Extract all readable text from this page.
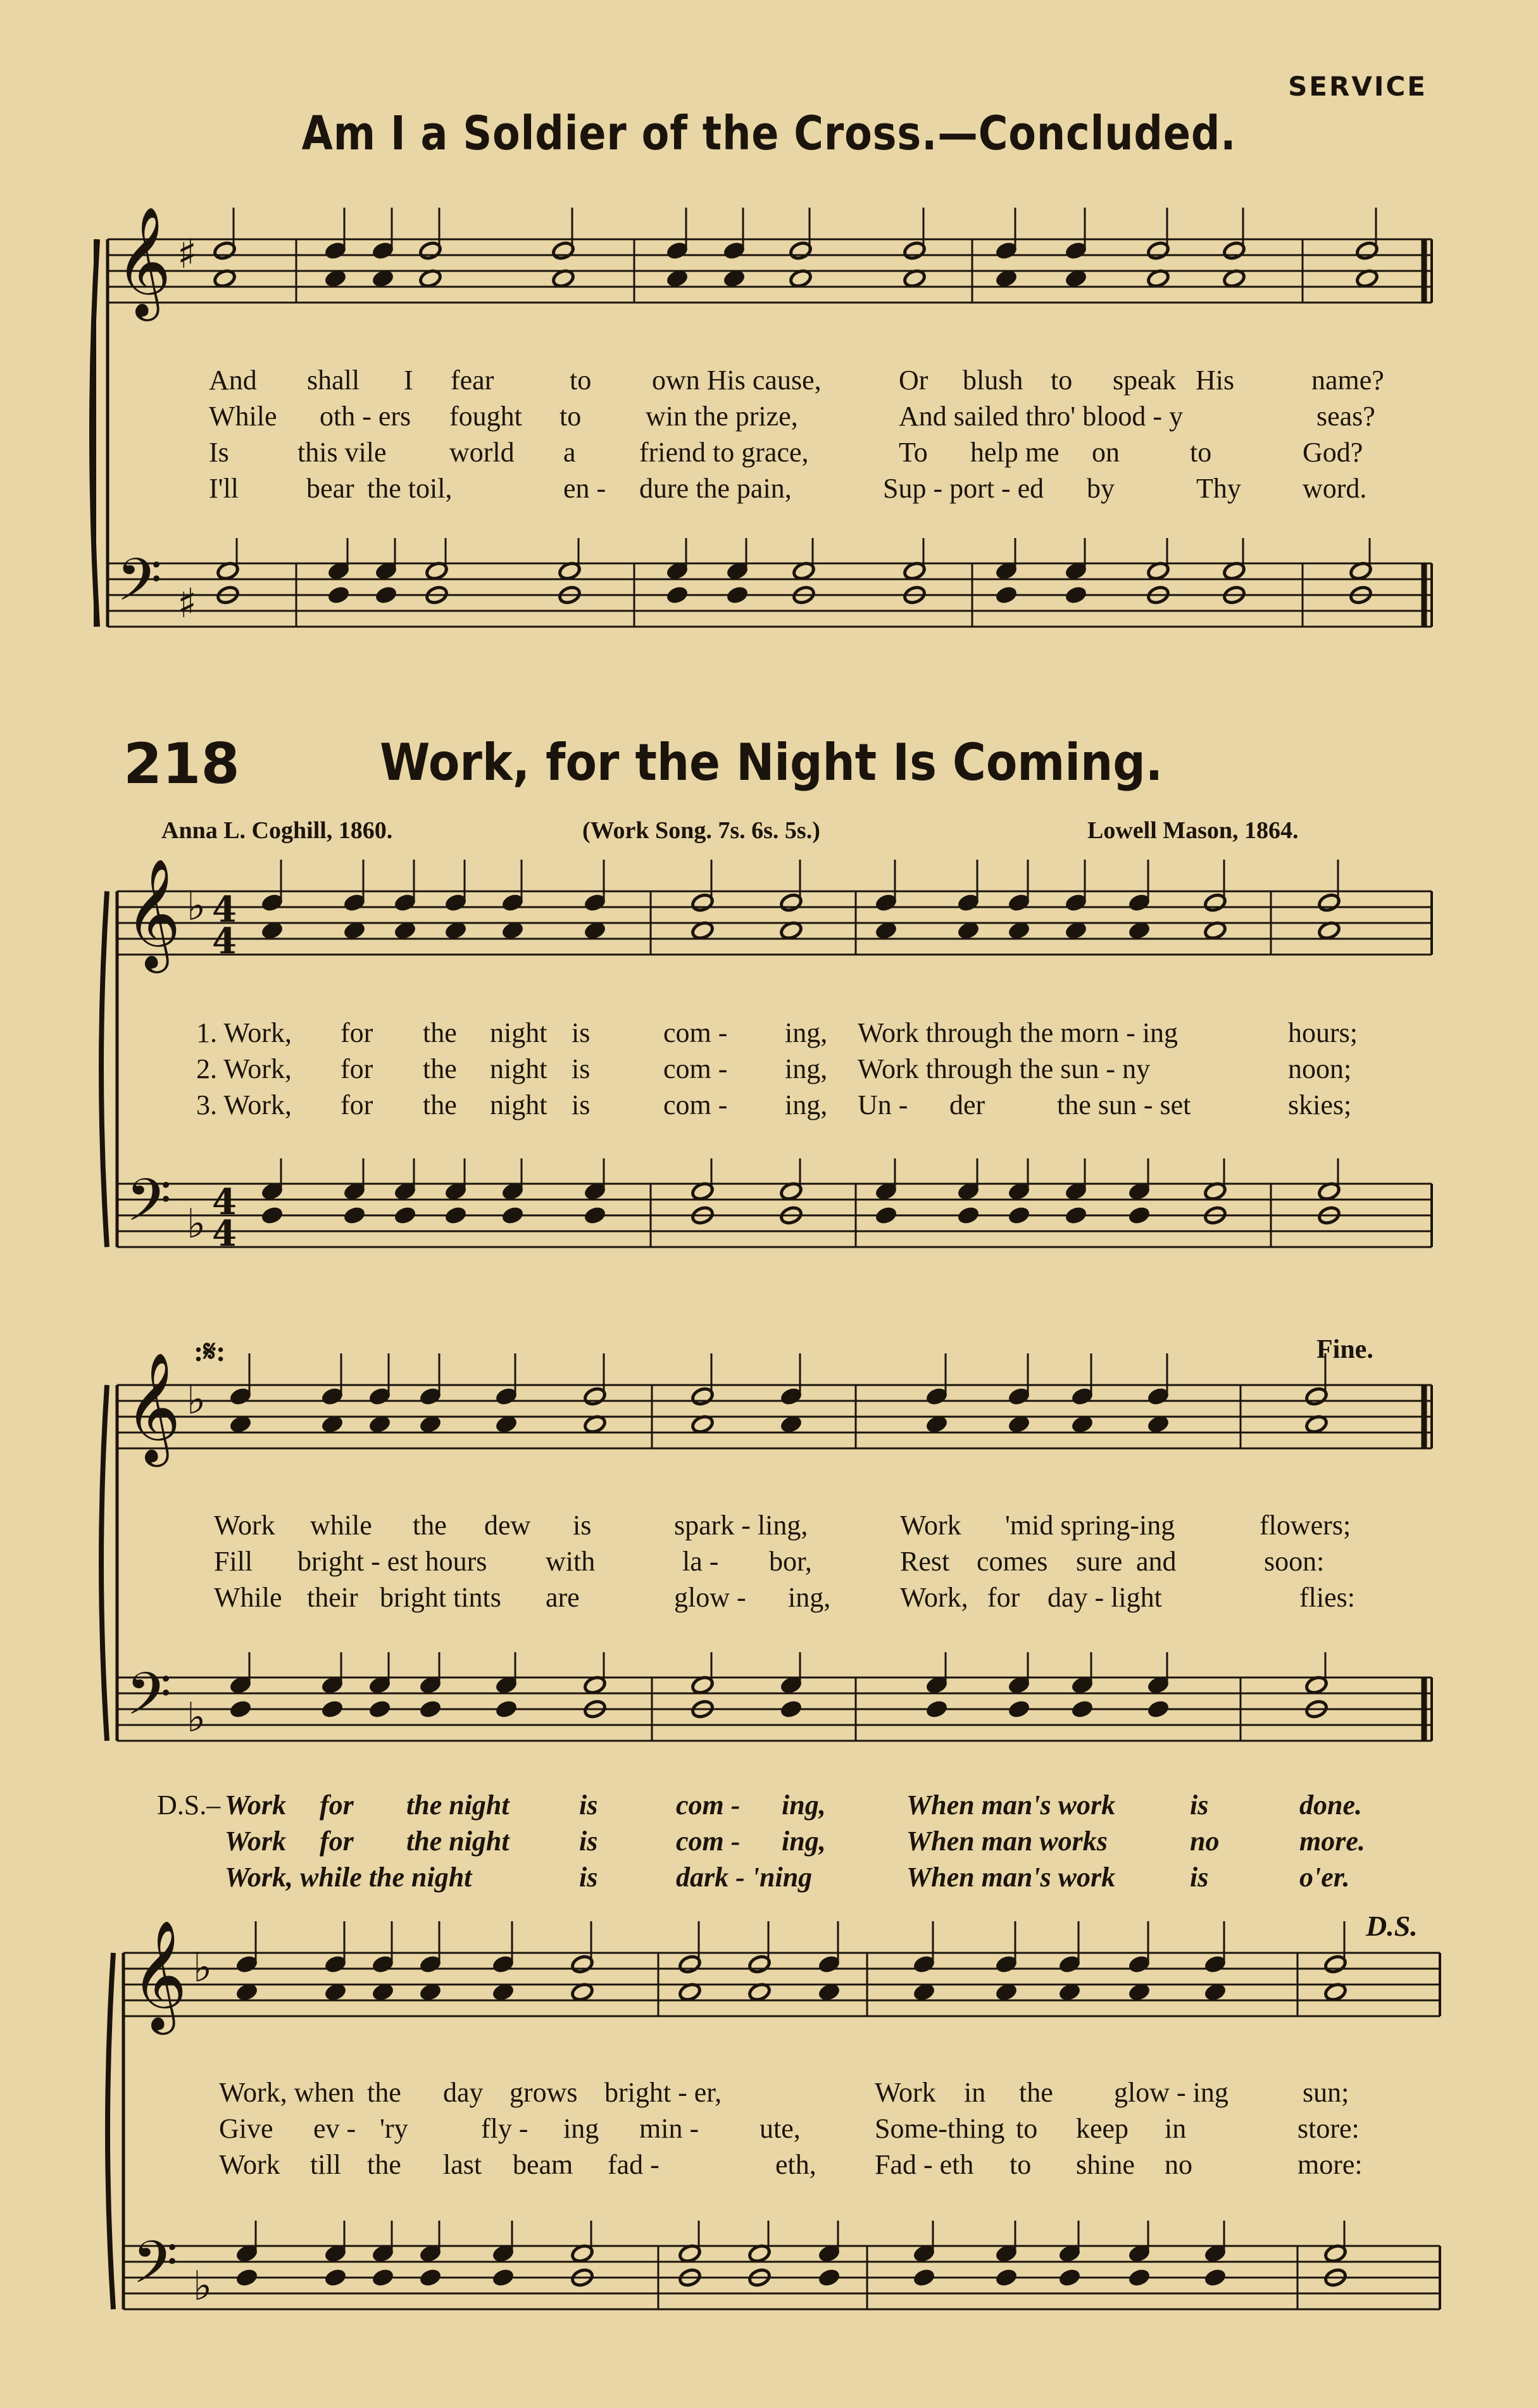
SERVICE
Am I a Soldier of the Cross.—Concluded.
218	Work, for the Night Is Coming.
Anna L. Coghill, 1860.	(Work Song. 7s. 6s. 5s.)	Lowell Mason, 1864.
𝄞
𝄢
♯
♯
𝄞
𝄢
♭
♭
4
4
4
4
𝄞
𝄢
♭
♭
𝄞
𝄢
♭
♭
:𝄋:	Fine.
D.S.
D.S.–
And shall I fear	to own His cause,	Or blush to speak His	name?
While oth - ers fought to win the prize,	And sailed thro' blood - y	seas?
Is this vile world a friend to grace,	To help me on	to	God?
I'll bear the toil,	en - dure the pain,	Sup - port - ed by	Thy word.
1. Work, for the night is	com - ing, Work through the morn - ing	hours;
2. Work, for the night is	com - ing, Work through the sun - ny	noon;
3. Work, for the night is	com - ing, Un - der	the sun - set	skies;
Work while the dew is	spark - ling,	Work 'mid spring-ing	flowers;
Fill bright - est hours with	la - bor,	Rest comes sure and	soon:
While their bright tints are	glow - ing, Work, for day - light	flies:
Work for the night	is	com - ing,	When man's work	is	done.
Work for the night	is	com - ing,	When man works	no	more.
Work, while the night	is	dark - 'ning	When man's work	is	o'er.
Work, when the day grows bright - er,	Work in the glow - ing	sun;
Give ev - 'ry	fly - ing min - ute,	Some-thing to keep in	store:
Work till the last beam fad -	eth, Fad - eth to shine no	more:
